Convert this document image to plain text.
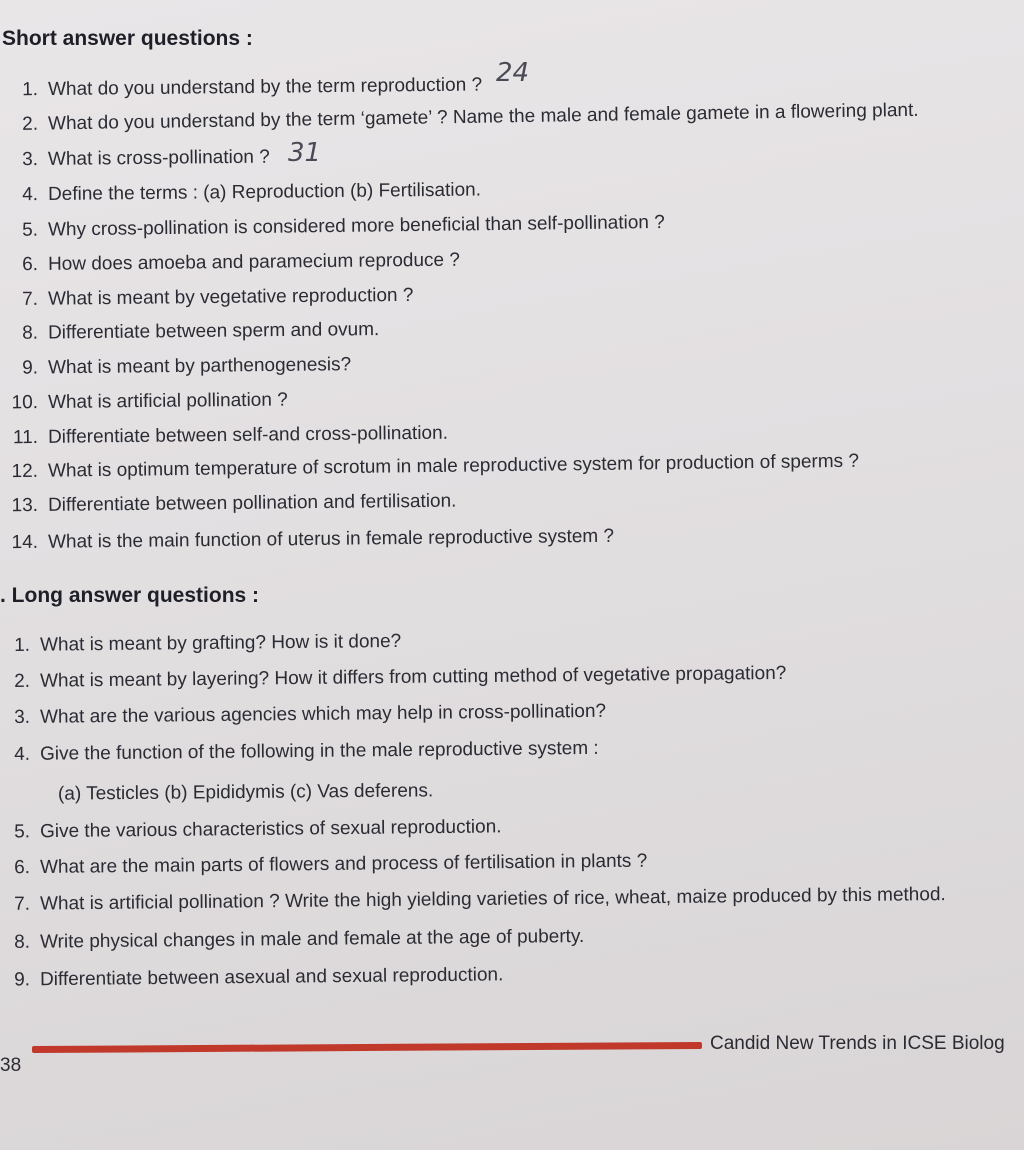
Short answer questions :
1. What do you understand by the term reproduction ?
2. What do you understand by the term ‘gamete’ ? Name the male and female gamete in a flowering plant.
3. What is cross-pollination ?
4. Define the terms : (a) Reproduction (b) Fertilisation.
5. Why cross-pollination is considered more beneficial than self-pollination ?
6. How does amoeba and paramecium reproduce ?
7. What is meant by vegetative reproduction ?
8. Differentiate between sperm and ovum.
9. What is meant by parthenogenesis?
10. What is artificial pollination ?
11. Differentiate between self-and cross-pollination.
12. What is optimum temperature of scrotum in male reproductive system for production of sperms ?
13. Differentiate between pollination and fertilisation.
14. What is the main function of uterus in female reproductive system ?
24
31
. Long answer questions :
1. What is meant by grafting? How is it done?
2. What is meant by layering? How it differs from cutting method of vegetative propagation?
3. What are the various agencies which may help in cross-pollination?
4. Give the function of the following in the male reproductive system :
5. Give the various characteristics of sexual reproduction.
6. What are the main parts of flowers and process of fertilisation in plants ?
7. What is artificial pollination ? Write the high yielding varieties of rice, wheat, maize produced by this method.
8. Write physical changes in male and female at the age of puberty.
9. Differentiate between asexual and sexual reproduction.
(a) Testicles (b) Epididymis (c) Vas deferens.
Candid New Trends in ICSE Biolog
38
